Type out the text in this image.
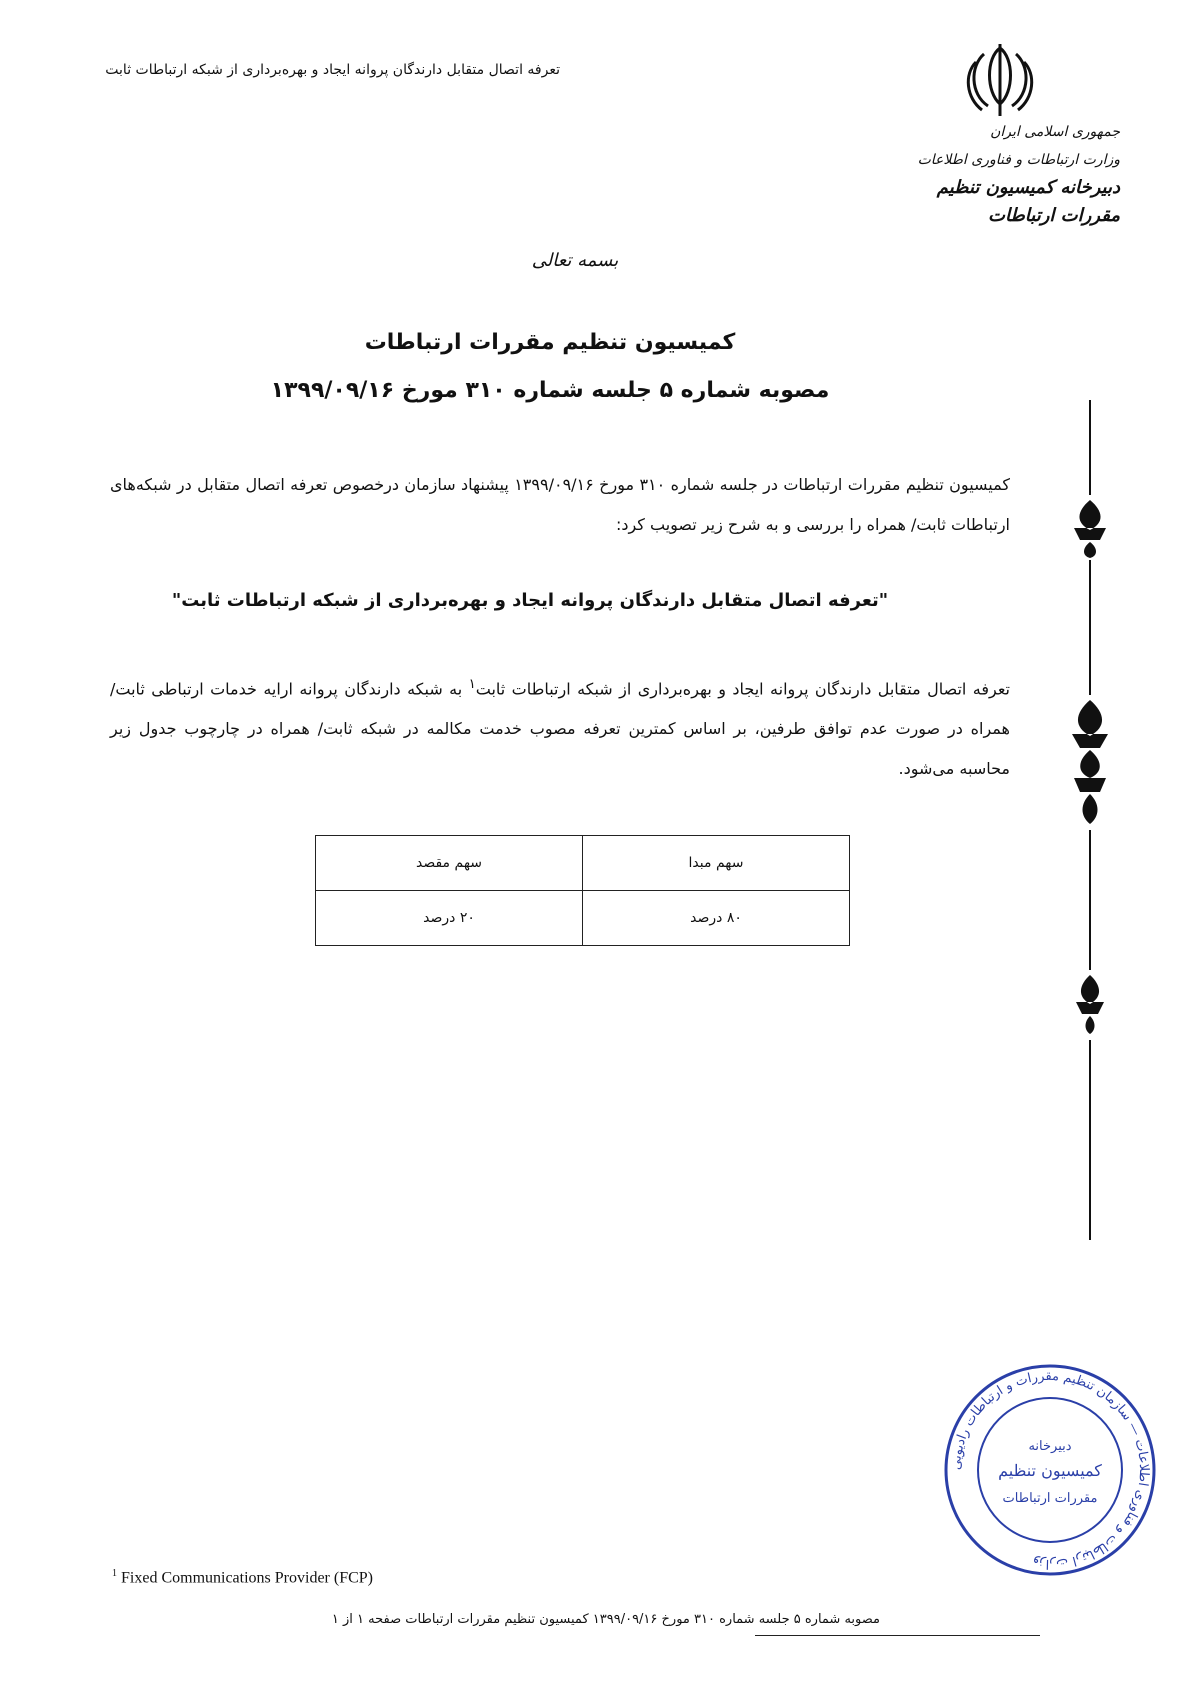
تعرفه اتصال متقابل دارندگان پروانه ایجاد و بهره‌برداری از شبکه ارتباطات ثابت
جمهوری اسلامی ایران
وزارت ارتباطات و فناوری اطلاعات
دبیرخانه کمیسیون تنظیم مقررات ارتباطات
بسمه تعالی
کمیسیون تنظیم مقررات ارتباطات
مصوبه شماره ۵ جلسه شماره ۳۱۰ مورخ ۱۳۹۹/۰۹/۱۶
کمیسیون تنظیم مقررات ارتباطات در جلسه شماره ۳۱۰ مورخ ۱۳۹۹/۰۹/۱۶ پیشنهاد سازمان درخصوص تعرفه اتصال متقابل در شبکه‌های ارتباطات ثابت/ همراه را بررسی و به شرح زیر تصویب کرد:
"تعرفه اتصال متقابل دارندگان پروانه ایجاد و بهره‌برداری از شبکه ارتباطات ثابت"
تعرفه اتصال متقابل دارندگان پروانه ایجاد و بهره‌برداری از شبکه ارتباطات ثابت$^۱$ به شبکه دارندگان پروانه ارایه خدمات ارتباطی ثابت/ همراه در صورت عدم توافق طرفین، بر اساس کمترین تعرفه مصوب خدمت مکالمه در شبکه ثابت/ همراه در چارچوب جدول زیر محاسبه می‌شود.
سهم مبدا	سهم مقصد
۸۰ درصد	۲۰ درصد
وزارت ارتباطات و فناوری اطلاعات — سازمان تنظیم مقررات و ارتباطات رادیویی
دبیرخانه
کمیسیون تنظیم
مقررات ارتباطات
$^1$ Fixed Communications Provider (FCP)
مصوبه شماره ۵ جلسه شماره ۳۱۰ مورخ ۱۳۹۹/۰۹/۱۶ کمیسیون تنظیم مقررات ارتباطات صفحه ۱ از ۱
